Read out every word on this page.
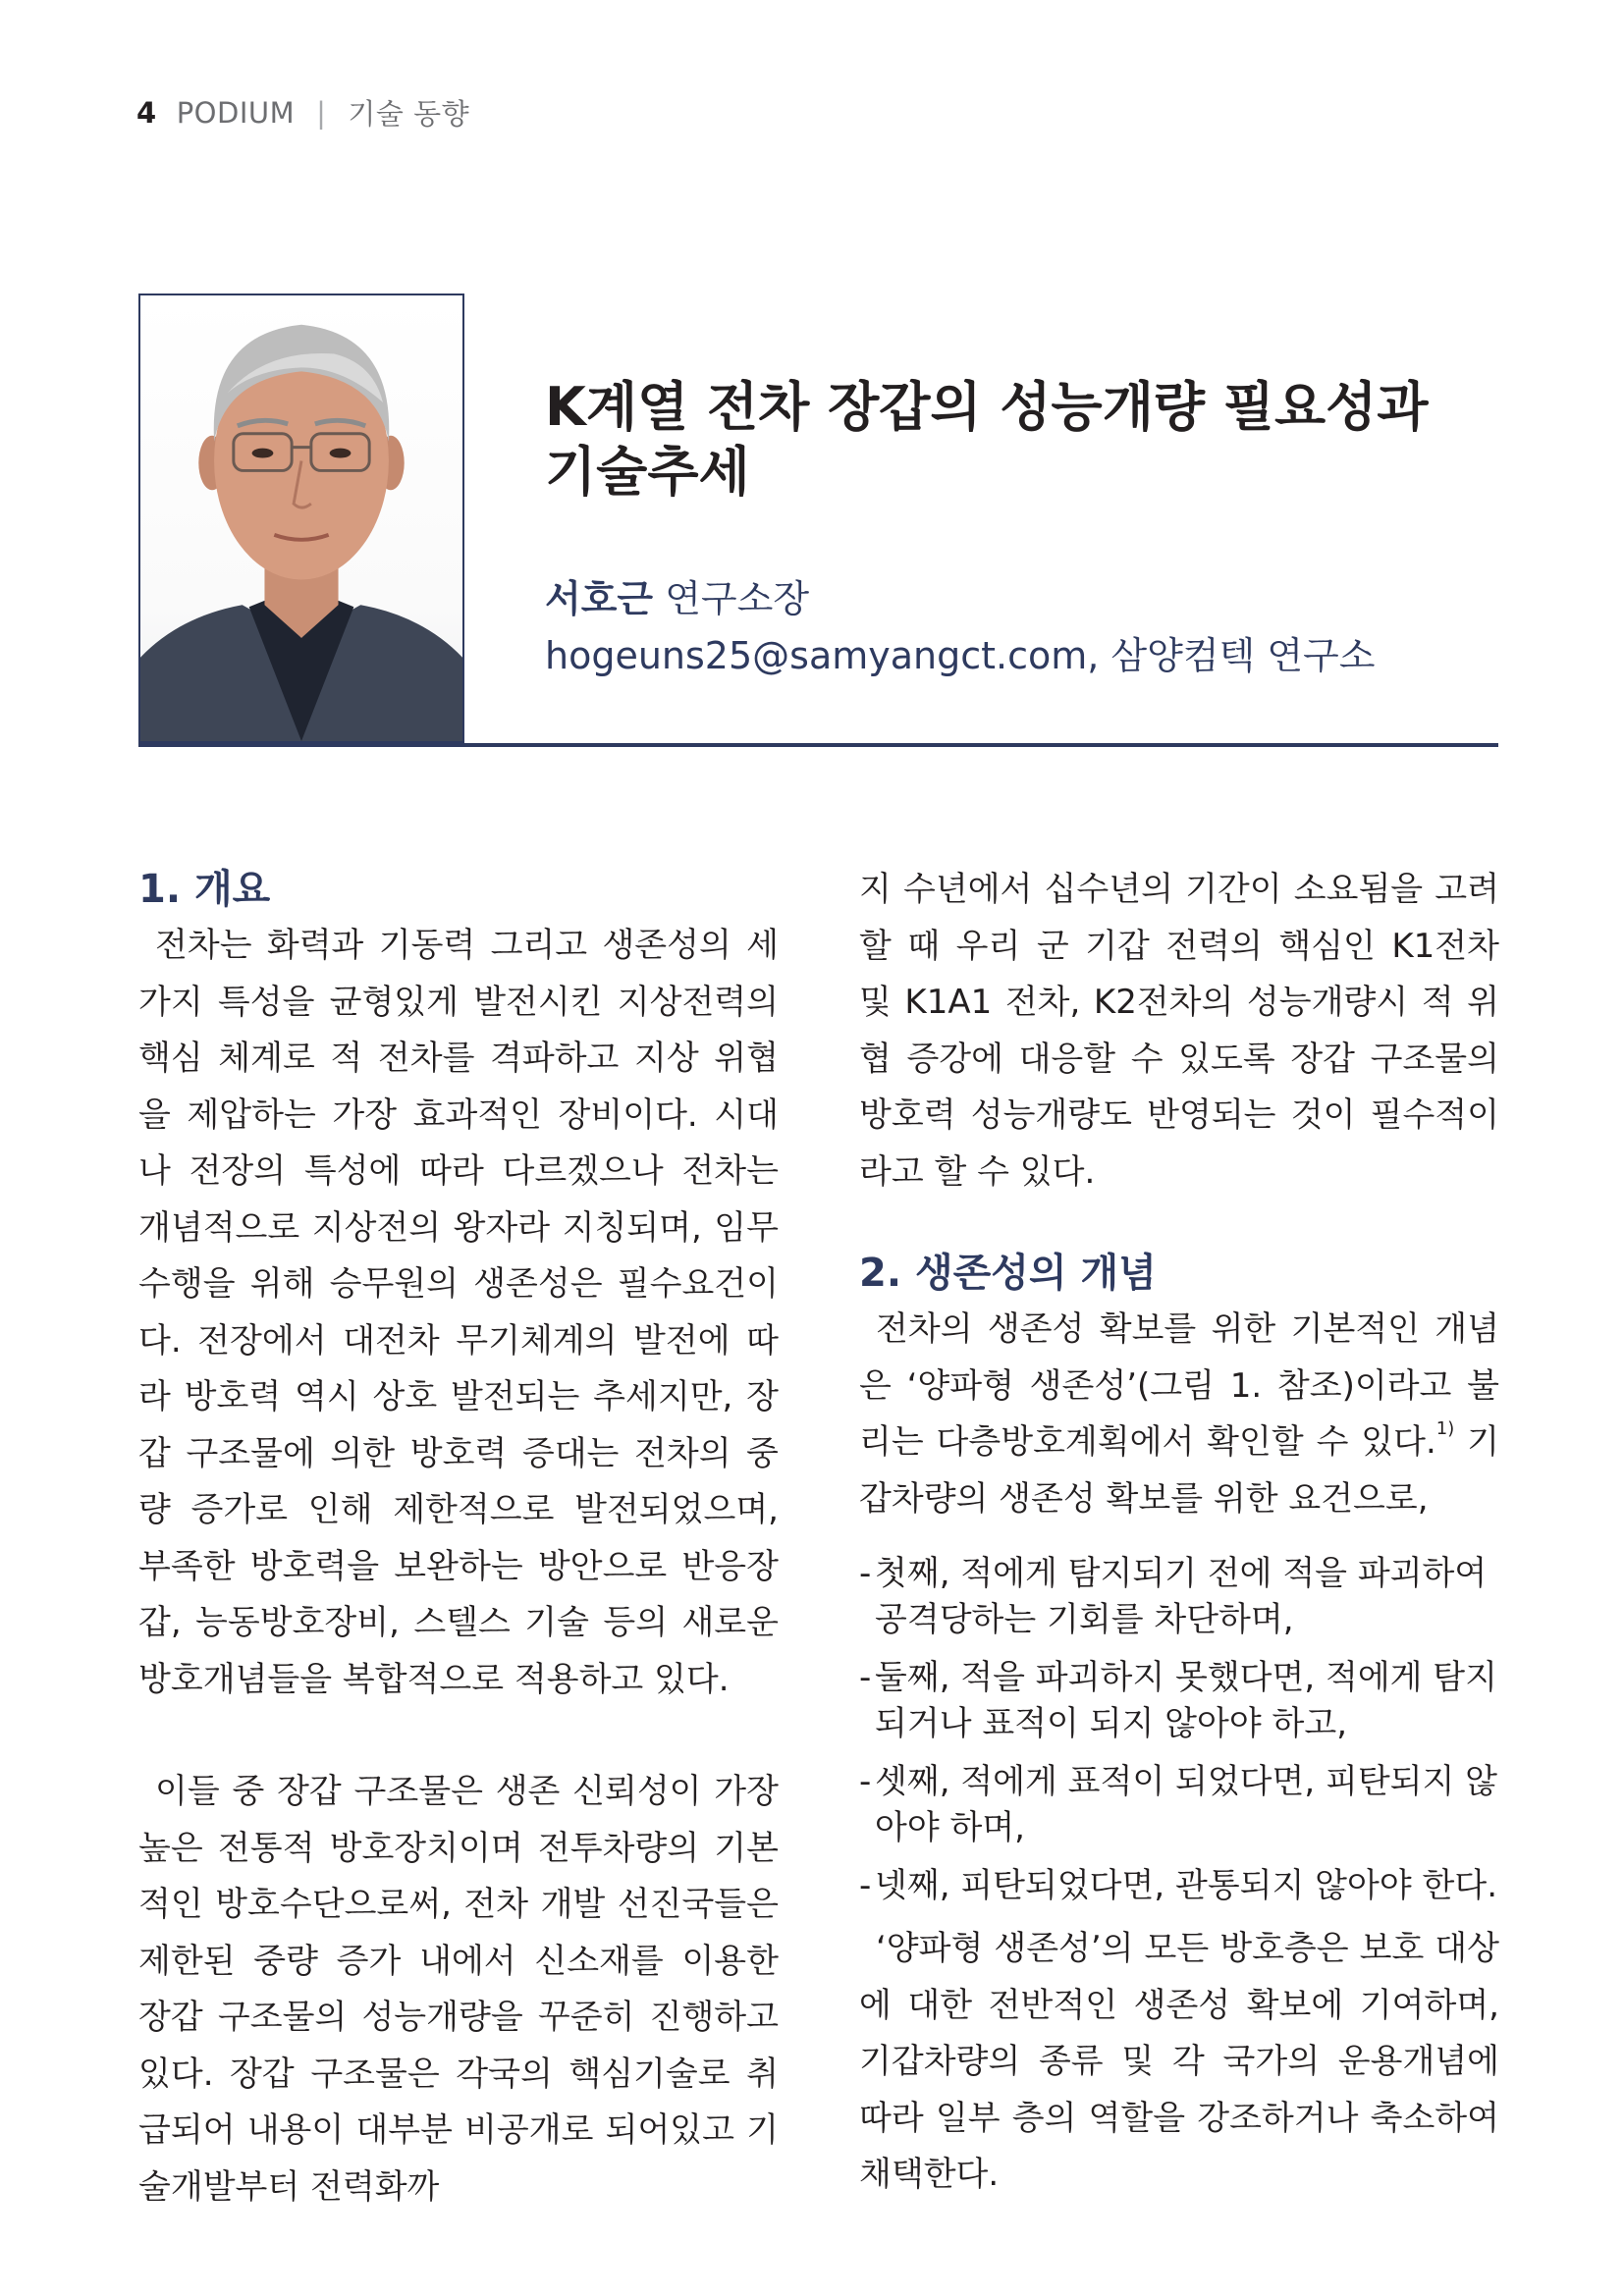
4 PODIUM | 기술 동향
K계열 전차 장갑의 성능개량 필요성과
기술추세
서호근 연구소장
hogeuns25@samyangct.com, 삼양컴텍 연구소
1. 개요

전차는 화력과 기동력 그리고 생존성의 세 가지 특성을 균형있게 발전시킨 지상전력의 핵심 체계로 적 전차를 격파하고 지상 위협을 제압하는 가장 효과적인 장비이다. 시대나 전장의 특성에 따라 다르겠으나 전차는 개념적으로 지상전의 왕자라 지칭되며, 임무 수행을 위해 승무원의 생존성은 필수요건이다. 전장에서 대전차 무기체계의 발전에 따라 방호력 역시 상호 발전되는 추세지만, 장갑 구조물에 의한 방호력 증대는 전차의 중량 증가로 인해 제한적으로 발전되었으며, 부족한 방호력을 보완하는 방안으로 반응장갑, 능동방호장비, 스텔스 기술 등의 새로운 방호개념들을 복합적으로 적용하고 있다.

이들 중 장갑 구조물은 생존 신뢰성이 가장 높은 전통적 방호장치이며 전투차량의 기본적인 방호수단으로써, 전차 개발 선진국들은 제한된 중량 증가 내에서 신소재를 이용한 장갑 구조물의 성능개량을 꾸준히 진행하고 있다. 장갑 구조물은 각국의 핵심기술로 취급되어 내용이 대부분 비공개로 되어있고 기술개발부터 전력화까

지 수년에서 십수년의 기간이 소요됨을 고려할 때 우리 군 기갑 전력의 핵심인 K1전차 및 K1A1 전차, K2전차의 성능개량시 적 위협 증강에 대응할 수 있도록 장갑 구조물의 방호력 성능개량도 반영되는 것이 필수적이라고 할 수 있다.

2. 생존성의 개념

전차의 생존성 확보를 위한 기본적인 개념은 ‘양파형 생존성’(그림 1. 참조)이라고 불리는 다층방호계획에서 확인할 수 있다.$^{1)}$ 기갑차량의 생존성 확보를 위한 요건으로,

- 첫째, 적에게 탐지되기 전에 적을 파괴하여 공격당하는 기회를 차단하며,
- 둘째, 적을 파괴하지 못했다면, 적에게 탐지되거나 표적이 되지 않아야 하고,
- 셋째, 적에게 표적이 되었다면, 피탄되지 않아야 하며,
- 넷째, 피탄되었다면, 관통되지 않아야 한다.

‘양파형 생존성’의 모든 방호층은 보호 대상에 대한 전반적인 생존성 확보에 기여하며, 기갑차량의 종류 및 각 국가의 운용개념에 따라 일부 층의 역할을 강조하거나 축소하여 채택한다.
